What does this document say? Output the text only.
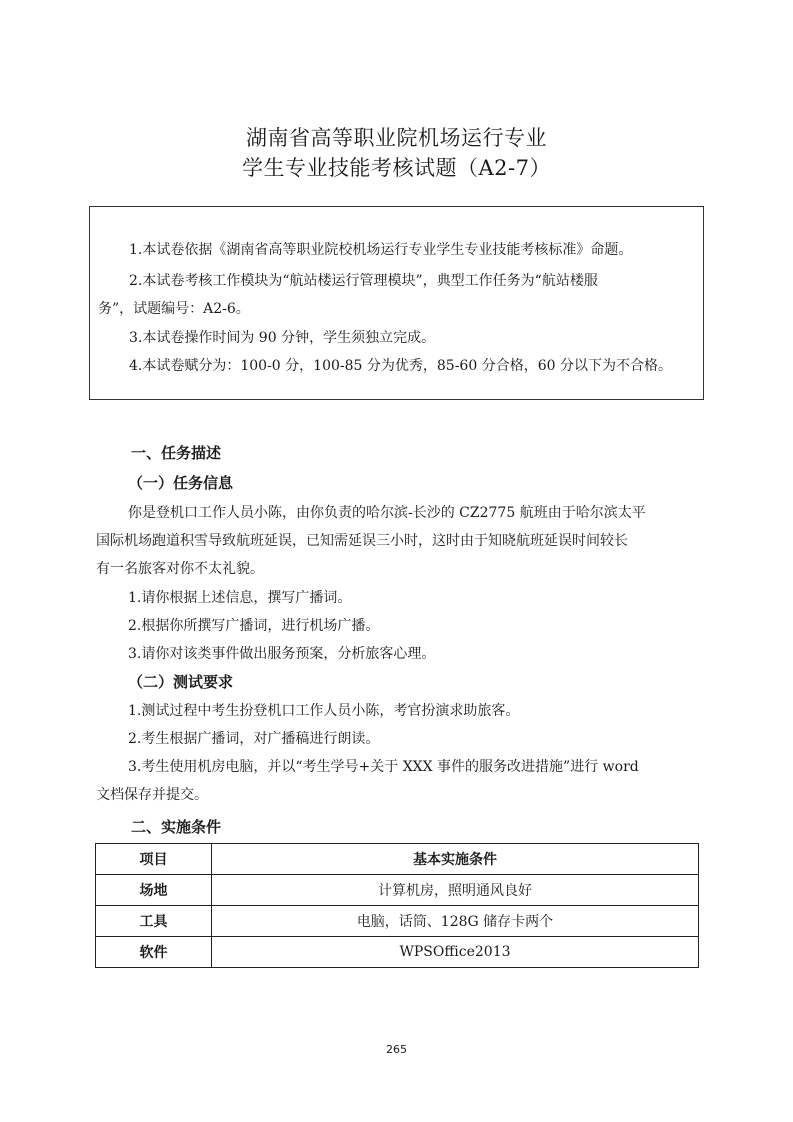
湖南省高等职业院机场运行专业
学生专业技能考核试题（A2-7）
1.本试卷依据《湖南省高等职业院校机场运行专业学生专业技能考核标准》命题。
2.本试卷考核工作模块为“航站楼运行管理模块”，典型工作任务为“航站楼服
务”，试题编号：A2-6。
3.本试卷操作时间为 90 分钟，学生须独立完成。
4.本试卷赋分为：100-0 分，100-85 分为优秀，85-60 分合格，60 分以下为不合格。
一、任务描述
（一）任务信息
你是登机口工作人员小陈，由你负责的哈尔滨-长沙的 CZ2775 航班由于哈尔滨太平
国际机场跑道积雪导致航班延误，已知需延误三小时，这时由于知晓航班延误时间较长
有一名旅客对你不太礼貌。
1.请你根据上述信息，撰写广播词。
2.根据你所撰写广播词，进行机场广播。
3.请你对该类事件做出服务预案，分析旅客心理。
（二）测试要求
1.测试过程中考生扮登机口工作人员小陈，考官扮演求助旅客。
2.考生根据广播词，对广播稿进行朗读。
3.考生使用机房电脑，并以“考生学号+关于 XXX 事件的服务改进措施”进行 word
文档保存并提交。
二、实施条件
项目	基本实施条件
场地	计算机房，照明通风良好
工具	电脑，话筒、128G 储存卡两个
软件	WPSOffice2013
265
